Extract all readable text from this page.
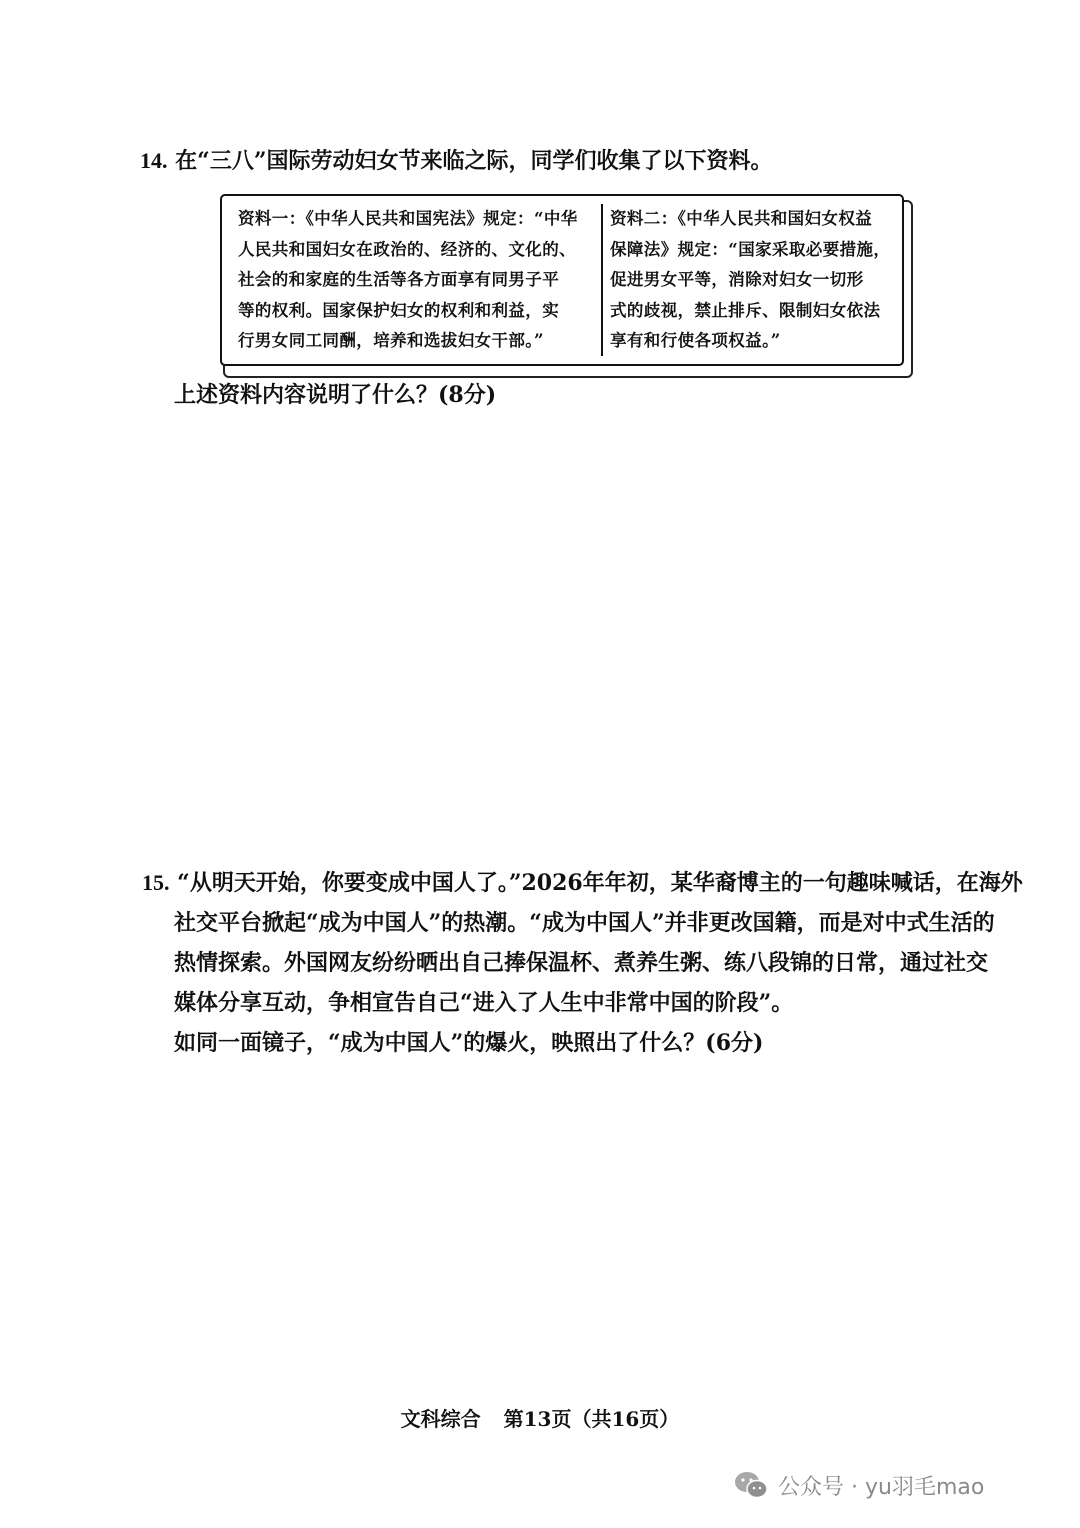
14. 在“三八”国际劳动妇女节来临之际，同学们收集了以下资料。
资料一：《中华人民共和国宪法》规定：“中华
人民共和国妇女在政治的、经济的、文化的、
社会的和家庭的生活等各方面享有同男子平
等的权利。国家保护妇女的权利和利益，实
行男女同工同酬，培养和选拔妇女干部。”
资料二：《中华人民共和国妇女权益
保障法》规定：“国家采取必要措施，
促进男女平等，消除对妇女一切形
式的歧视，禁止排斥、限制妇女依法
享有和行使各项权益。”
上述资料内容说明了什么？(8分)
15. “从明天开始，你要变成中国人了。”2026年年初，某华裔博主的一句趣味喊话，在海外
社交平台掀起“成为中国人”的热潮。“成为中国人”并非更改国籍，而是对中式生活的
热情探索。外国网友纷纷晒出自己捧保温杯、煮养生粥、练八段锦的日常，通过社交
媒体分享互动，争相宣告自己“进入了人生中非常中国的阶段”。
如同一面镜子，“成为中国人”的爆火，映照出了什么？(6分)
文科综合 第13页（共16页）
公众号 · yu羽毛mao
